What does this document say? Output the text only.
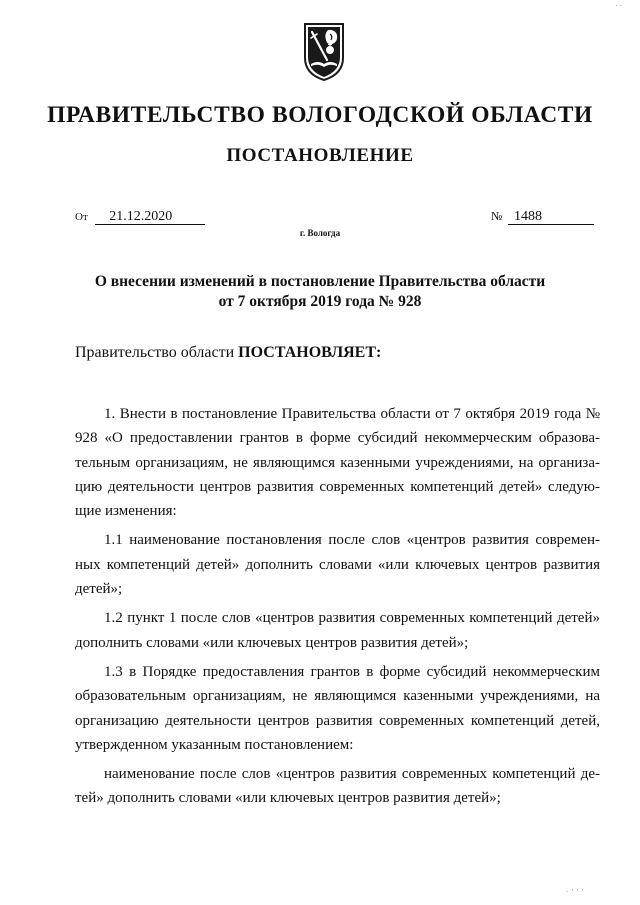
· ·
ПРАВИТЕЛЬСТВО ВОЛОГОДСКОЙ ОБЛАСТИ
ПОСТАНОВЛЕНИЕ
От 21.12.2020	№ 1488
г. Вологда
О внесении изменений в постановление Правительства области
от 7 октября 2019 года № 928
Правительство области ПОСТАНОВЛЯЕТ:

1. Внести в постановление Правительства области от 7 октября 2019 года № 928 «О предоставлении грантов в форме субсидий некоммерческим образовательным организациям, не являющимся казенными учреждениями, на организацию деятельности центров развития современных компетенций детей» следующие изменения:

1.1 наименование постановления после слов «центров развития современных компетенций детей» дополнить словами «или ключевых центров развития детей»;

1.2 пункт 1 после слов «центров развития современных компетенций детей» дополнить словами «или ключевых центров развития детей»;

1.3 в Порядке предоставления грантов в форме субсидий некоммерческим образовательным организациям, не являющимся казенными учреждениями, на организацию деятельности центров развития современных компетенций детей, утвержденном указанным постановлением:

наименование после слов «центров развития современных компетенций детей» дополнить словами «или ключевых центров развития детей»;

· ' ' '
